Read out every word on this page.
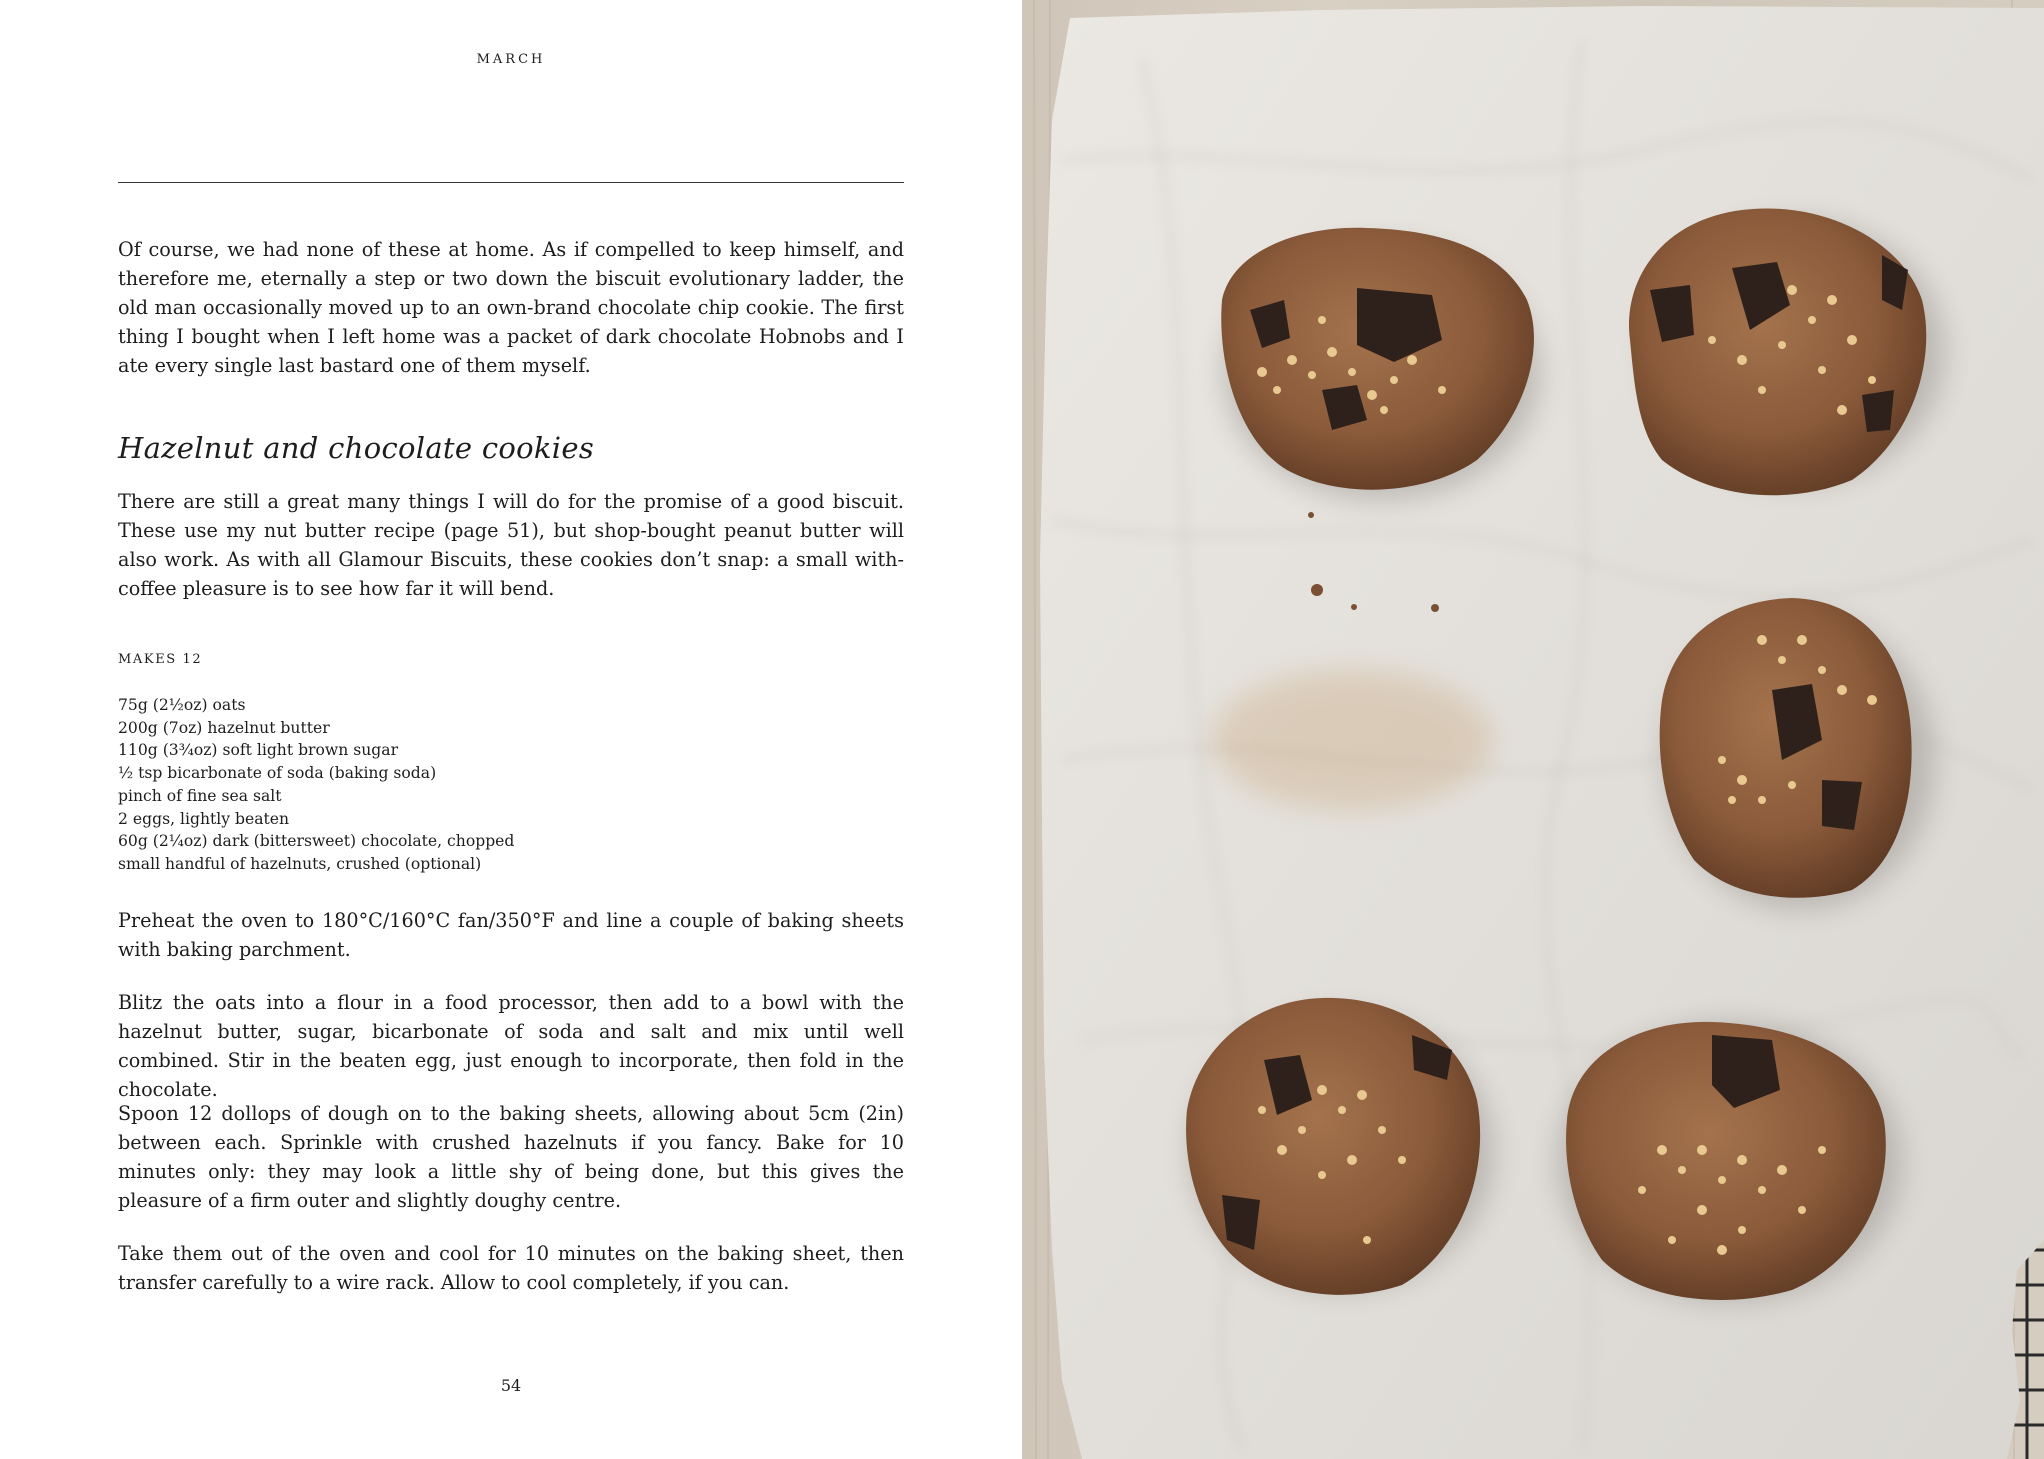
MARCH

Of course, we had none of these at home. As if compelled to keep himself, and therefore me, eternally a step or two down the biscuit evolutionary ladder, the old man occasionally moved up to an own-brand chocolate chip cookie. The first thing I bought when I left home was a packet of dark chocolate Hobnobs and I ate every single last bastard one of them myself.

Hazelnut and chocolate cookies

There are still a great many things I will do for the promise of a good biscuit. These use my nut butter recipe (page 51), but shop-bought peanut butter will also work. As with all Glamour Biscuits, these cookies don’t snap: a small with-coffee pleasure is to see how far it will bend.

MAKES 12

75g (2½oz) oats
200g (7oz) hazelnut butter
110g (3¾oz) soft light brown sugar
½ tsp bicarbonate of soda (baking soda)
pinch of fine sea salt
2 eggs, lightly beaten
60g (2¼oz) dark (bittersweet) chocolate, chopped
small handful of hazelnuts, crushed (optional)

Preheat the oven to 180°C/160°C fan/350°F and line a couple of baking sheets with baking parchment.

Blitz the oats into a flour in a food processor, then add to a bowl with the hazelnut butter, sugar, bicarbonate of soda and salt and mix until well combined. Stir in the beaten egg, just enough to incorporate, then fold in the chocolate.

Spoon 12 dollops of dough on to the baking sheets, allowing about 5cm (2in) between each. Sprinkle with crushed hazelnuts if you fancy. Bake for 10 minutes only: they may look a little shy of being done, but this gives the pleasure of a firm outer and slightly doughy centre.

Take them out of the oven and cool for 10 minutes on the baking sheet, then transfer carefully to a wire rack. Allow to cool completely, if you can.

54
